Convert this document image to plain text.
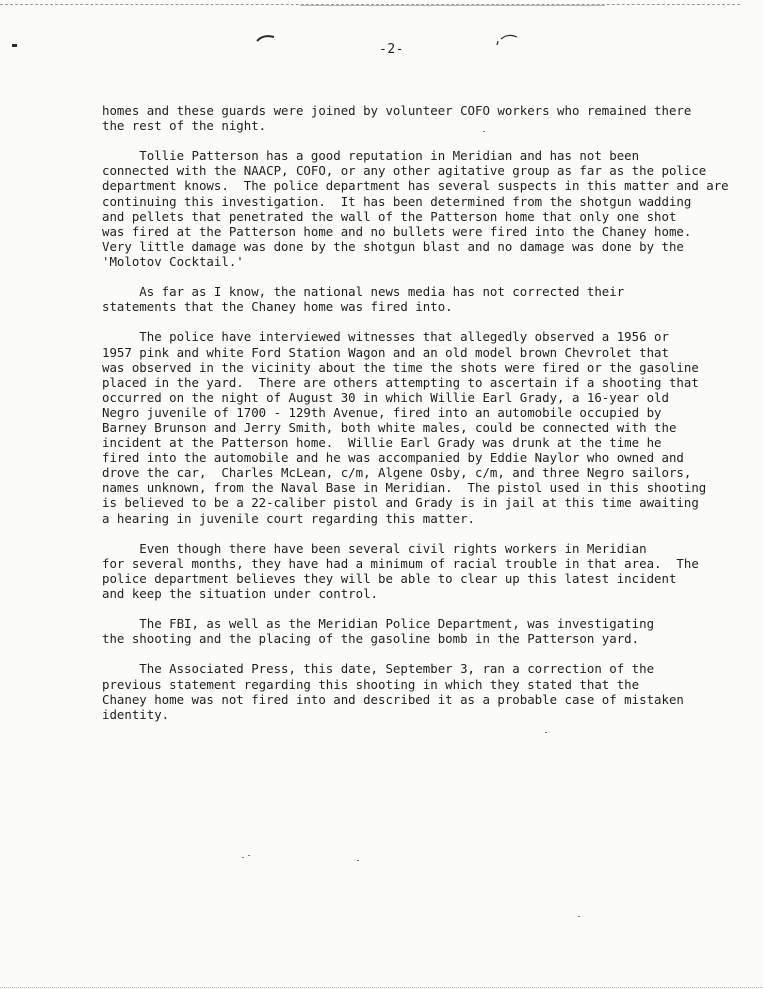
-2-
homes and these guards were joined by volunteer COFO workers who remained there
the rest of the night.
Tollie Patterson has a good reputation in Meridian and has not been
connected with the NAACP, COFO, or any other agitative group as far as the police
department knows.  The police department has several suspects in this matter and are
continuing this investigation.  It has been determined from the shotgun wadding
and pellets that penetrated the wall of the Patterson home that only one shot
was fired at the Patterson home and no bullets were fired into the Chaney home.
Very little damage was done by the shotgun blast and no damage was done by the
'Molotov Cocktail.'
As far as I know, the national news media has not corrected their
statements that the Chaney home was fired into.
The police have interviewed witnesses that allegedly observed a 1956 or
1957 pink and white Ford Station Wagon and an old model brown Chevrolet that
was observed in the vicinity about the time the shots were fired or the gasoline
placed in the yard.  There are others attempting to ascertain if a shooting that
occurred on the night of August 30 in which Willie Earl Grady, a 16-year old
Negro juvenile of 1700 - 129th Avenue, fired into an automobile occupied by
Barney Brunson and Jerry Smith, both white males, could be connected with the
incident at the Patterson home.  Willie Earl Grady was drunk at the time he
fired into the automobile and he was accompanied by Eddie Naylor who owned and
drove the car,  Charles McLean, c/m, Algene Osby, c/m, and three Negro sailors,
names unknown, from the Naval Base in Meridian.  The pistol used in this shooting
is believed to be a 22-caliber pistol and Grady is in jail at this time awaiting
a hearing in juvenile court regarding this matter.
Even though there have been several civil rights workers in Meridian
for several months, they have had a minimum of racial trouble in that area.  The
police department believes they will be able to clear up this latest incident
and keep the situation under control.
The FBI, as well as the Meridian Police Department, was investigating
the shooting and the placing of the gasoline bomb in the Patterson yard.
The Associated Press, this date, September 3, ran a correction of the
previous statement regarding this shooting in which they stated that the
Chaney home was not fired into and described it as a probable case of mistaken
identity.
